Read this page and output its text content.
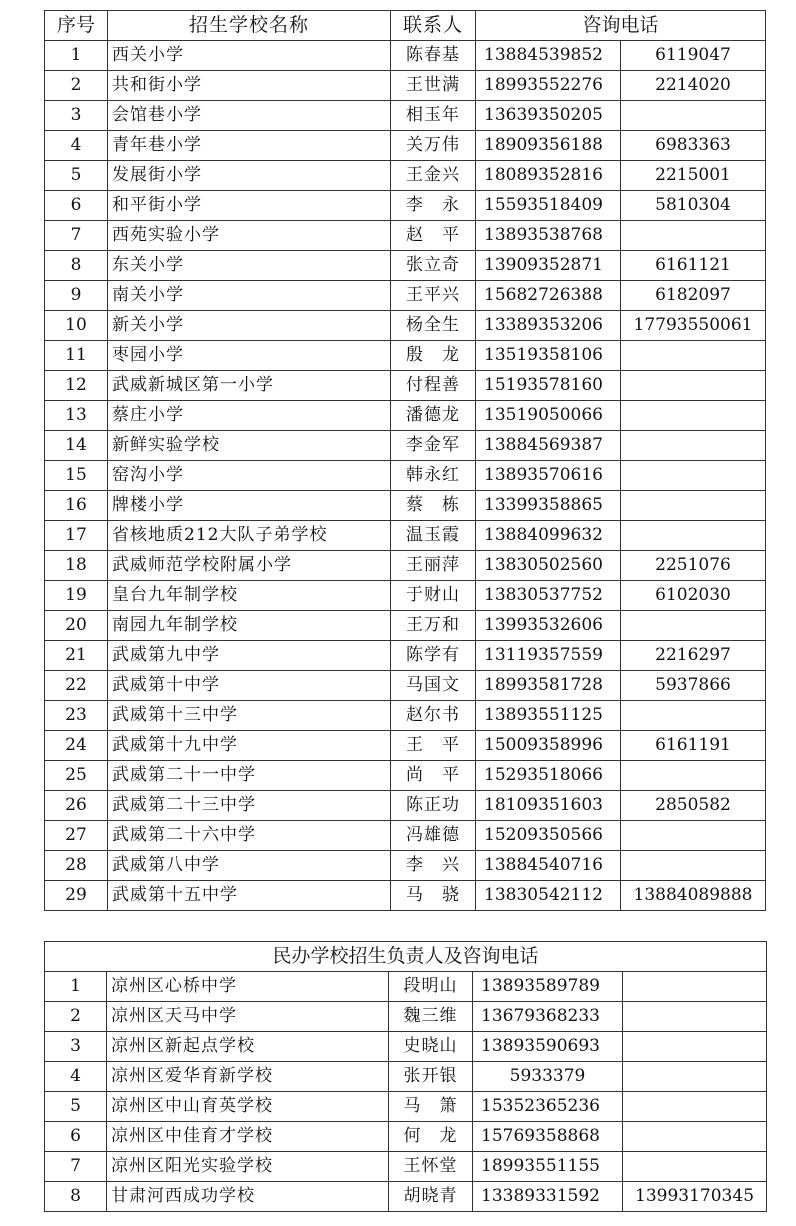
序号	招生学校名称	联系人	咨询电话	
1	西关小学	陈春基	13884539852	6119047
2	共和街小学	王世满	18993552276	2214020
3	会馆巷小学	相玉年	13639350205	
4	青年巷小学	关万伟	18909356188	6983363
5	发展街小学	王金兴	18089352816	2215001
6	和平街小学	李　永	15593518409	5810304
7	西苑实验小学	赵　平	13893538768	
8	东关小学	张立奇	13909352871	6161121
9	南关小学	王平兴	15682726388	6182097
10	新关小学	杨全生	13389353206	17793550061
11	枣园小学	殷　龙	13519358106	
12	武威新城区第一小学	付程善	15193578160	
13	蔡庄小学	潘德龙	13519050066	
14	新鲜实验学校	李金军	13884569387	
15	窑沟小学	韩永红	13893570616	
16	牌楼小学	蔡　栋	13399358865	
17	省核地质212大队子弟学校	温玉霞	13884099632	
18	武威师范学校附属小学	王丽萍	13830502560	2251076
19	皇台九年制学校	于财山	13830537752	6102030
20	南园九年制学校	王万和	13993532606	
21	武威第九中学	陈学有	13119357559	2216297
22	武威第十中学	马国文	18993581728	5937866
23	武威第十三中学	赵尔书	13893551125	
24	武威第十九中学	王　平	15009358996	6161191
25	武威第二十一中学	尚　平	15293518066	
26	武威第二十三中学	陈正功	18109351603	2850582
27	武威第二十六中学	冯雄德	15209350566	
28	武威第八中学	李　兴	13884540716	
29	武威第十五中学	马　骁	13830542112	13884089888
民办学校招生负责人及咨询电话				
1	凉州区心桥中学	段明山	13893589789	
2	凉州区天马中学	魏三维	13679368233	
3	凉州区新起点学校	史晓山	13893590693	
4	凉州区爱华育新学校	张开银	5933379	
5	凉州区中山育英学校	马　箫	15352365236	
6	凉州区中佳育才学校	何　龙	15769358868	
7	凉州区阳光实验学校	王怀堂	18993551155	
8	甘肃河西成功学校	胡晓青	13389331592	13993170345
